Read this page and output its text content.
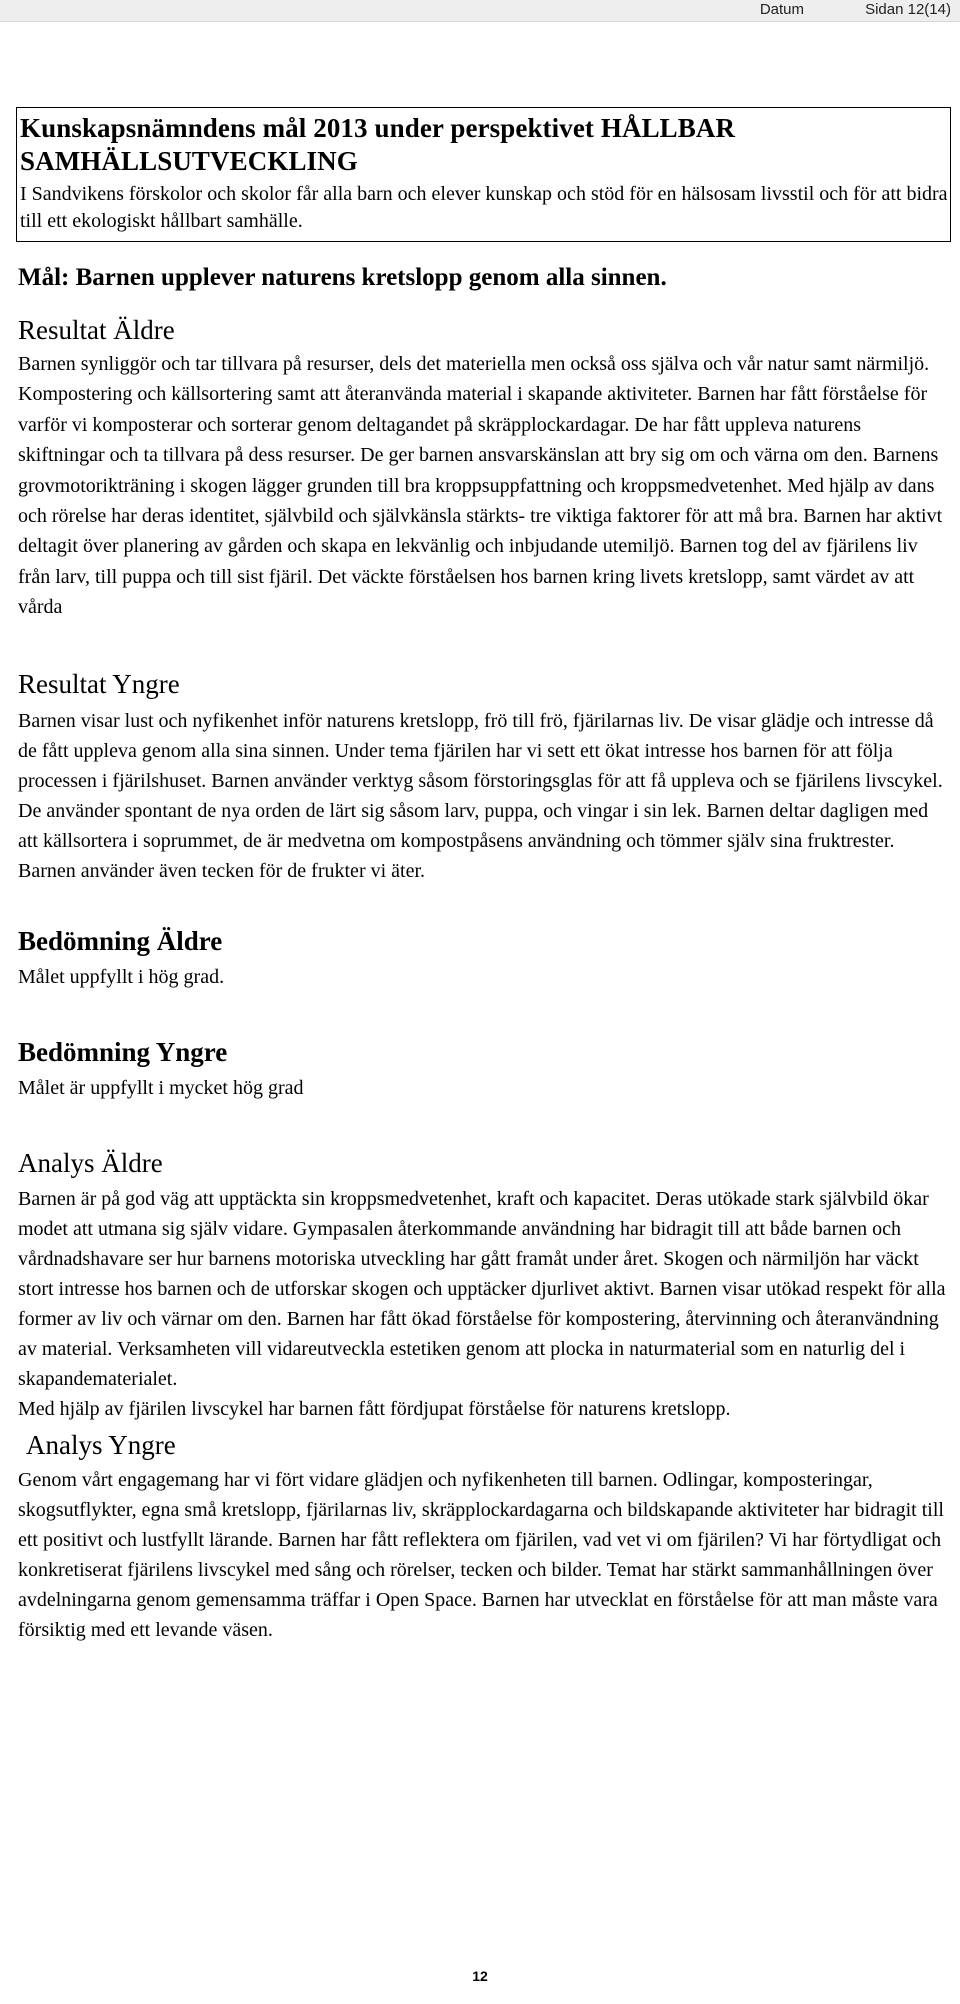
Datum	Sidan 12(14)
Kunskapsnämndens mål 2013 under perspektivet HÅLLBAR SAMHÄLLSUTVECKLING

I Sandvikens förskolor och skolor får alla barn och elever kunskap och stöd för en hälsosam livsstil och för att bidra till ett ekologiskt hållbart samhälle.

Mål: Barnen upplever naturens kretslopp genom alla sinnen.
Resultat Äldre

Barnen synliggör och tar tillvara på resurser, dels det materiella men också oss själva och vår natur samt närmiljö. Kompostering och källsortering samt att återanvända material i skapande aktiviteter. Barnen har fått förståelse för varför vi komposterar och sorterar genom deltagandet på skräpplockardagar. De har fått uppleva naturens skiftningar och ta tillvara på dess resurser. De ger barnen ansvarskänslan att bry sig om och värna om den. Barnens grovmotorikträning i skogen lägger grunden till bra kroppsuppfattning och kroppsmedvetenhet. Med hjälp av dans och rörelse har deras identitet, självbild och självkänsla stärkts- tre viktiga faktorer för att må bra. Barnen har aktivt deltagit över planering av gården och skapa en lekvänlig och inbjudande utemiljö. Barnen tog del av fjärilens liv från larv, till puppa och till sist fjäril. Det väckte förståelsen hos barnen kring livets kretslopp, samt värdet av att vårda

Resultat Yngre

Barnen visar lust och nyfikenhet inför naturens kretslopp, frö till frö, fjärilarnas liv. De visar glädje och intresse då de fått uppleva genom alla sina sinnen. Under tema fjärilen har vi sett ett ökat intresse hos barnen för att följa processen i fjärilshuset. Barnen använder verktyg såsom förstoringsglas för att få uppleva och se fjärilens livscykel. De använder spontant de nya orden de lärt sig såsom larv, puppa, och vingar i sin lek. Barnen deltar dagligen med att källsortera i soprummet, de är medvetna om kompostpåsens användning och tömmer själv sina fruktrester. Barnen använder även tecken för de frukter vi äter.

Bedömning Äldre

Målet uppfyllt i hög grad.

Bedömning Yngre

Målet är uppfyllt i mycket hög grad

Analys Äldre

Barnen är på god väg att upptäckta sin kroppsmedvetenhet, kraft och kapacitet. Deras utökade stark självbild ökar modet att utmana sig själv vidare. Gympasalen återkommande användning har bidragit till att både barnen och vårdnadshavare ser hur barnens motoriska utveckling har gått framåt under året. Skogen och närmiljön har väckt stort intresse hos barnen och de utforskar skogen och upptäcker djurlivet aktivt. Barnen visar utökad respekt för alla former av liv och värnar om den. Barnen har fått ökad förståelse för kompostering, återvinning och återanvändning av material. Verksamheten vill vidareutveckla estetiken genom att plocka in naturmaterial som en naturlig del i skapandematerialet.

Med hjälp av fjärilen livscykel har barnen fått fördjupat förståelse för naturens kretslopp.

Analys Yngre

Genom vårt engagemang har vi fört vidare glädjen och nyfikenheten till barnen. Odlingar, komposteringar, skogsutflykter, egna små kretslopp, fjärilarnas liv, skräpplockardagarna och bildskapande aktiviteter har bidragit till ett positivt och lustfyllt lärande. Barnen har fått reflektera om fjärilen, vad vet vi om fjärilen? Vi har förtydligat och konkretiserat fjärilens livscykel med sång och rörelser, tecken och bilder. Temat har stärkt sammanhållningen över avdelningarna genom gemensamma träffar i Open Space. Barnen har utvecklat en förståelse för att man måste vara försiktig med ett levande väsen.

12
